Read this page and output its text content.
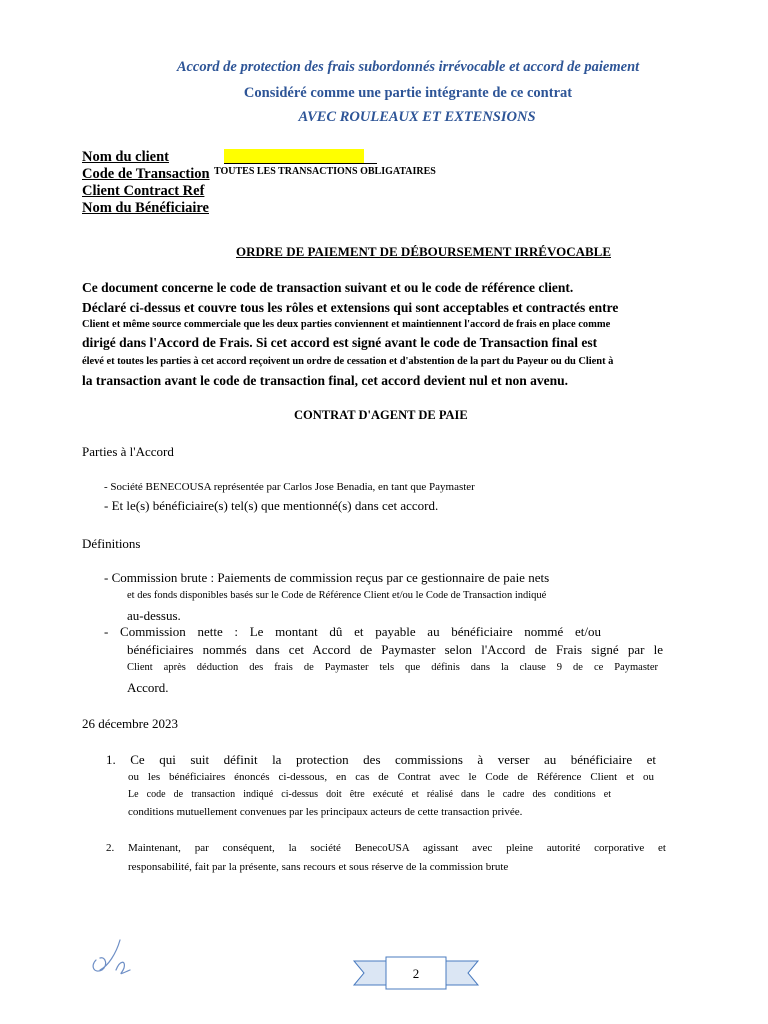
Accord de protection des frais subordonnés irrévocable et accord de paiement
Considéré comme une partie intégrante de ce contrat
AVEC ROULEAUX ET EXTENSIONS
Nom du client
Code de Transaction TOUTES LES TRANSACTIONS OBLIGATAIRES
Client Contract Ref
Nom du Bénéficiaire
ORDRE DE PAIEMENT DE DÉBOURSEMENT IRRÉVOCABLE
Ce document concerne le code de transaction suivant et ou le code de référence client.
Déclaré ci-dessus et couvre tous les rôles et extensions qui sont acceptables et contractés entre
Client et même source commerciale que les deux parties conviennent et maintiennent l'accord de frais en place comme
dirigé dans l'Accord de Frais. Si cet accord est signé avant le code de Transaction final est
élevé et toutes les parties à cet accord reçoivent un ordre de cessation et d'abstention de la part du Payeur ou du Client à
la transaction avant le code de transaction final, cet accord devient nul et non avenu.
CONTRAT D'AGENT DE PAIE
Parties à l'Accord
- Société BENECOUSA représentée par Carlos Jose Benadia, en tant que Paymaster
- Et le(s) bénéficiaire(s) tel(s) que mentionné(s) dans cet accord.
Définitions
- Commission brute : Paiements de commission reçus par ce gestionnaire de paie nets
et des fonds disponibles basés sur le Code de Référence Client et/ou le Code de Transaction indiqué
au-dessus.
- Commission nette : Le montant dû et payable au bénéficiaire nommé et/ou
bénéficiaires nommés dans cet Accord de Paymaster selon l'Accord de Frais signé par le
Client après déduction des frais de Paymaster tels que définis dans la clause 9 de ce Paymaster
Accord.
26 décembre 2023
1. Ce qui suit définit la protection des commissions à verser au bénéficiaire et
ou les bénéficiaires énoncés ci-dessous, en cas de Contrat avec le Code de Référence Client et ou
Le code de transaction indiqué ci-dessus doit être exécuté et réalisé dans le cadre des conditions et
conditions mutuellement convenues par les principaux acteurs de cette transaction privée.
2. Maintenant, par conséquent, la société BenecoUSA agissant avec pleine autorité corporative et
responsabilité, fait par la présente, sans recours et sous réserve de la commission brute
2
